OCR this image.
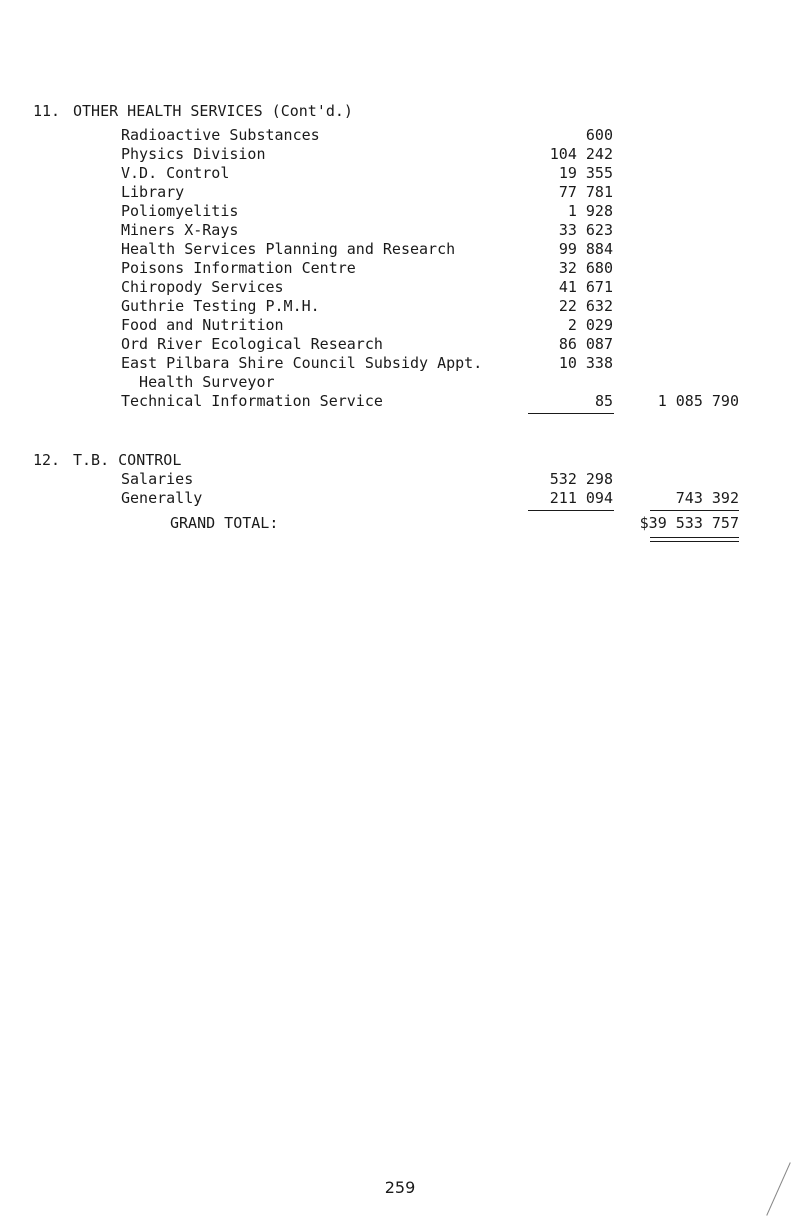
11. OTHER HEALTH SERVICES (Cont'd.)
Radioactive Substances	600
Physics Division	104 242
V.D. Control	19 355
Library	77 781
Poliomyelitis	1 928
Miners X-Rays	33 623
Health Services Planning and Research	99 884
Poisons Information Centre	32 680
Chiropody Services	41 671
Guthrie Testing P.M.H.	22 632
Food and Nutrition	2 029
Ord River Ecological Research	86 087
East Pilbara Shire Council Subsidy Appt.	10 338
Health Surveyor
Technical Information Service	85	1 085 790
12. T.B. CONTROL
Salaries	532 298
Generally	211 094	743 392
GRAND TOTAL:	$39 533 757
259
